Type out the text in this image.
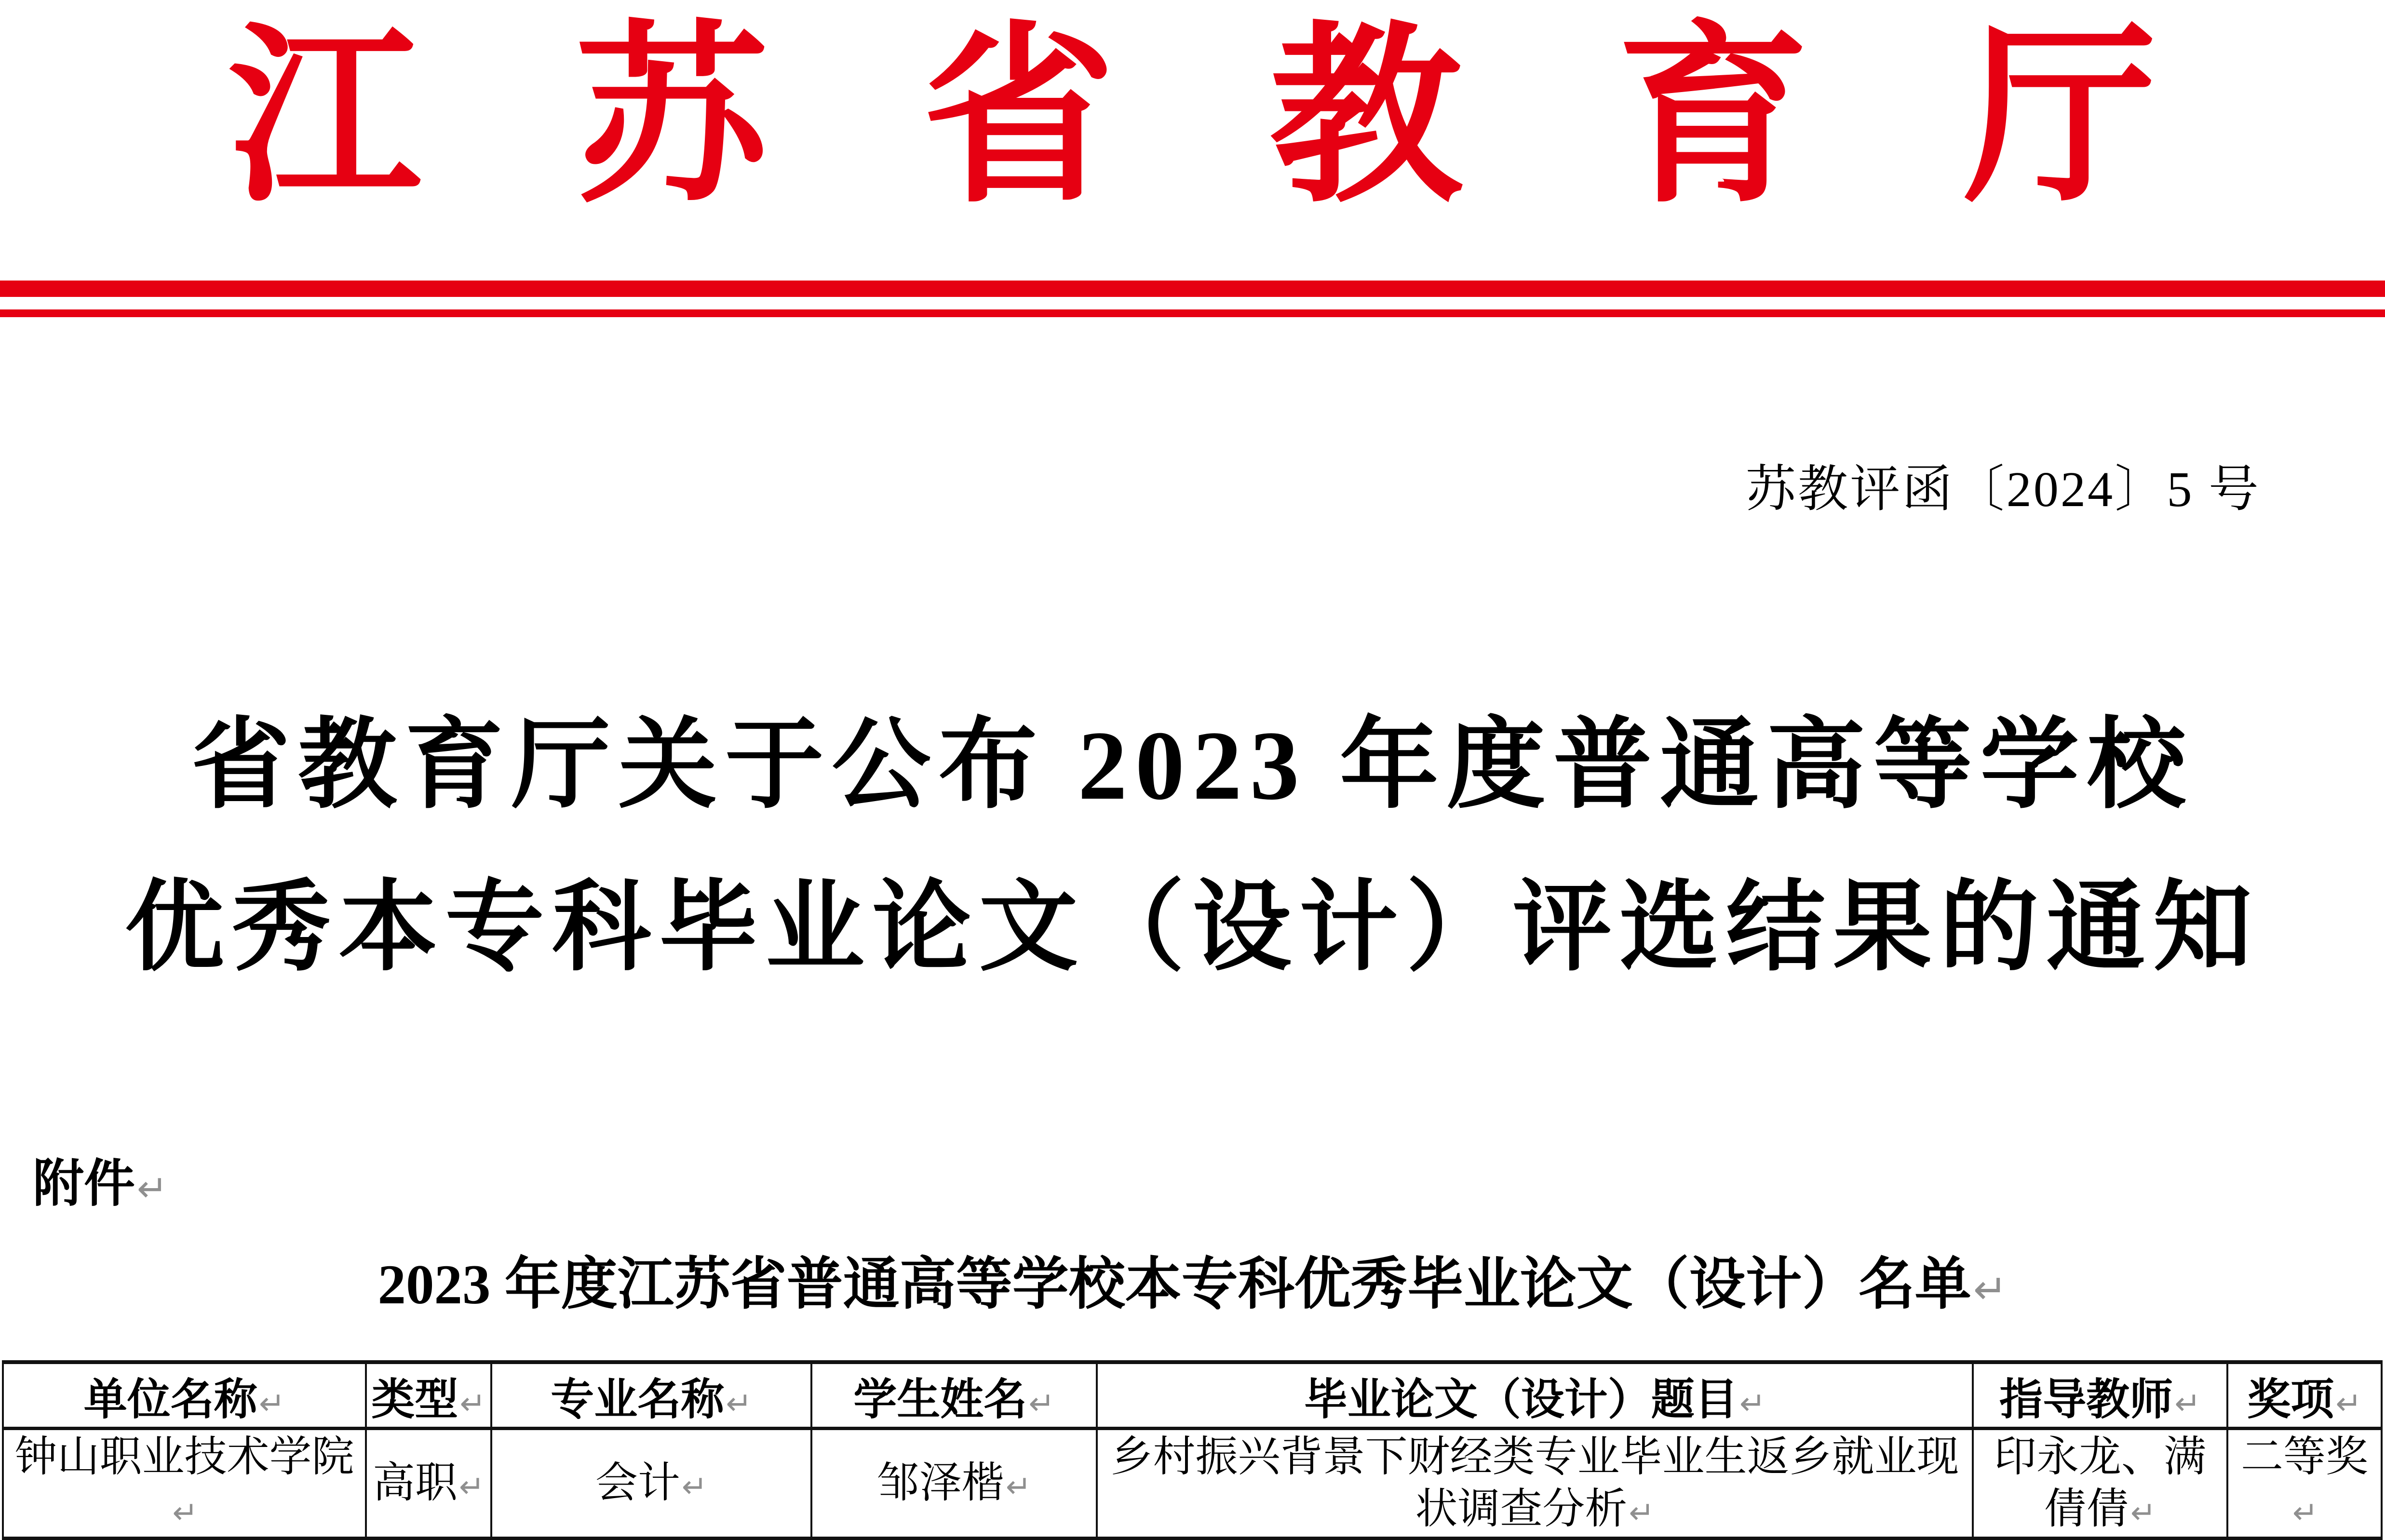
江苏省教育厅
苏教评函〔2024〕5 号
省教育厅关于公布 2023 年度普通高等学校
优秀本专科毕业论文（设计）评选结果的通知
附件↵
2023 年度江苏省普通高等学校本专科优秀毕业论文（设计）名单↵
单位名称↵	类型↵	专业名称↵	学生姓名↵	毕业论文（设计）题目↵	指导教师↵	奖项↵
钟山职业技术学院↵	高职↵	会计↵	邹泽楷↵	乡村振兴背景下财经类专业毕业生返乡就业现
状调查分析↵	印永龙、满
倩倩↵	二等奖↵
